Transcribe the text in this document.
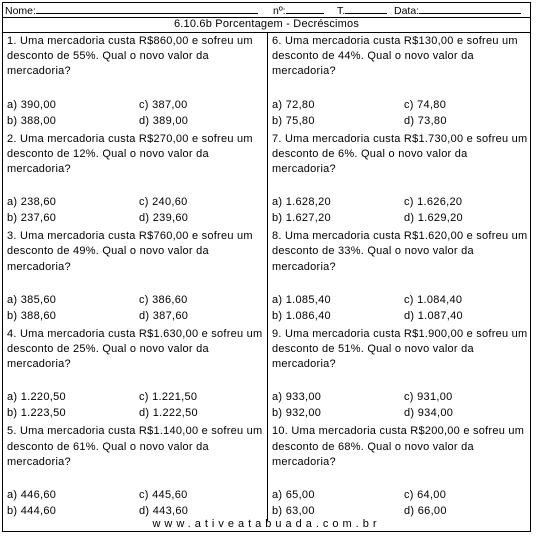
Nome:	nº:	T.	Data:
6.10.6b Porcentagem - Decréscimos

1. Uma mercadoria custa R$860,00 e sofreu um desconto de 55%. Qual o novo valor da mercadoria?

a) 390,00	c) 387,00
b) 388,00	d) 389,00

2. Uma mercadoria custa R$270,00 e sofreu um desconto de 12%. Qual o novo valor da mercadoria?

a) 238,60	c) 240,60
b) 237,60	d) 239,60

3. Uma mercadoria custa R$760,00 e sofreu um desconto de 49%. Qual o novo valor da mercadoria?

a) 385,60	c) 386,60
b) 388,60	d) 387,60

4. Uma mercadoria custa R$1.630,00 e sofreu um desconto de 25%. Qual o novo valor da mercadoria?

a) 1.220,50	c) 1.221,50
b) 1.223,50	d) 1.222,50

5. Uma mercadoria custa R$1.140,00 e sofreu um desconto de 61%. Qual o novo valor da mercadoria?

a) 446,60	c) 445,60
b) 444,60	d) 443,60

6. Uma mercadoria custa R$130,00 e sofreu um desconto de 44%. Qual o novo valor da mercadoria?

a) 72,80	c) 74,80
b) 75,80	d) 73,80

7. Uma mercadoria custa R$1.730,00 e sofreu um desconto de 6%. Qual o novo valor da mercadoria?

a) 1.628,20	c) 1.626,20
b) 1.627,20	d) 1.629,20

8. Uma mercadoria custa R$1.620,00 e sofreu um desconto de 33%. Qual o novo valor da mercadoria?

a) 1.085,40	c) 1.084,40
b) 1.086,40	d) 1.087,40

9. Uma mercadoria custa R$1.900,00 e sofreu um desconto de 51%. Qual o novo valor da mercadoria?

a) 933,00	c) 931,00
b) 932,00	d) 934,00

10. Uma mercadoria custa R$200,00 e sofreu um desconto de 68%. Qual o novo valor da mercadoria?

a) 65,00	c) 64,00
b) 63,00	d) 66,00
www.ativeatabuada.com.br
